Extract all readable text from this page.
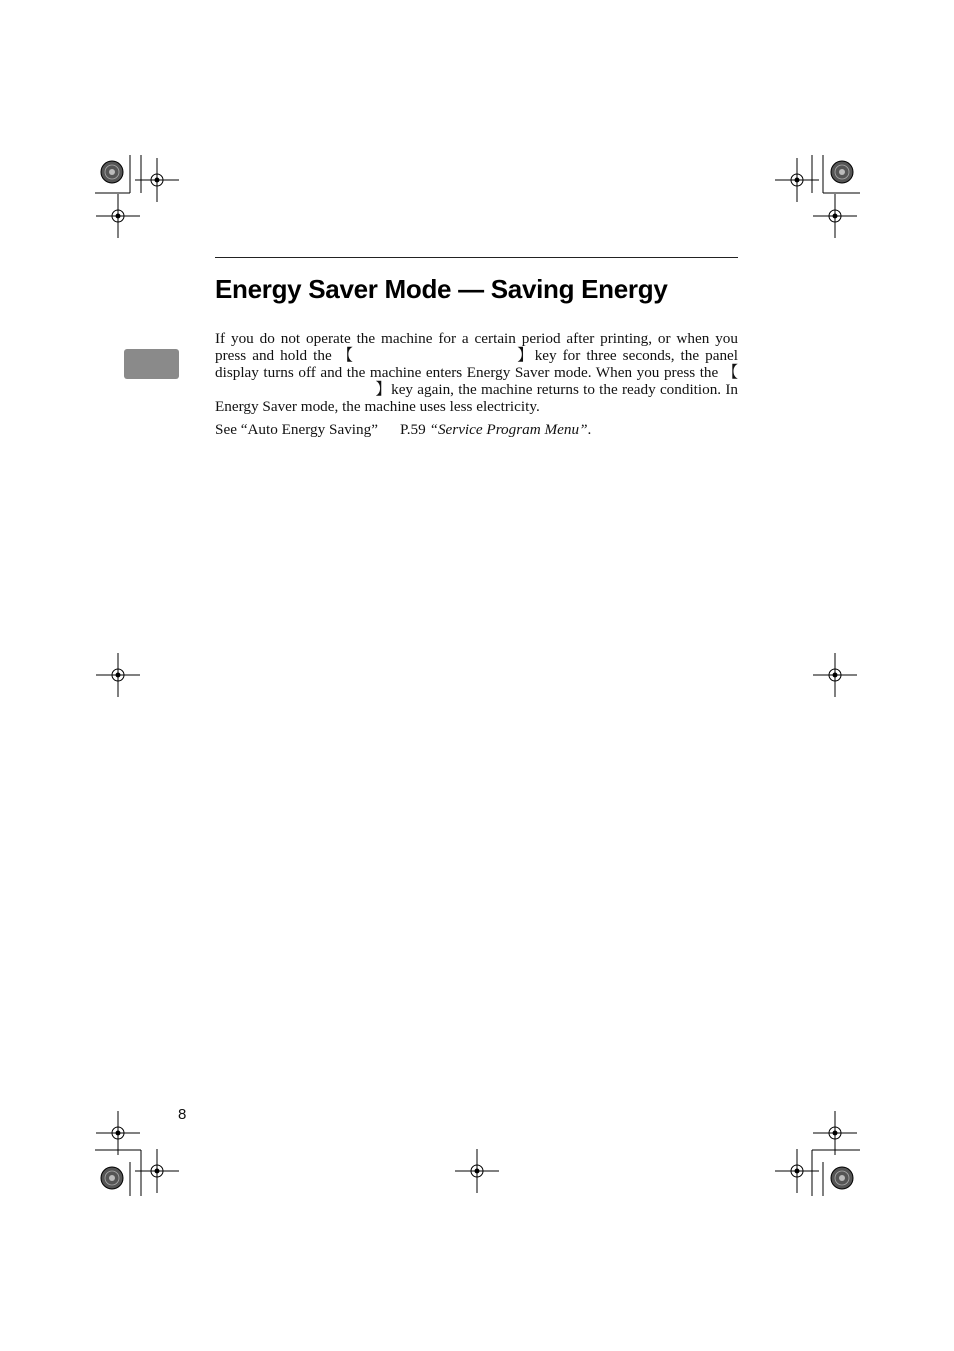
Energy Saver Mode — Saving Energy

If you do not operate the machine for a certain period after printing, or when you press and hold the 【	】key for three seconds, the panel display turns off and the machine enters Energy Saver mode. When you press the 【】key again, the machine returns to the ready condition. In Energy Saver mode, the machine uses less electricity.

See “Auto Energy Saving” P.59 “Service Program Menu”.
8
